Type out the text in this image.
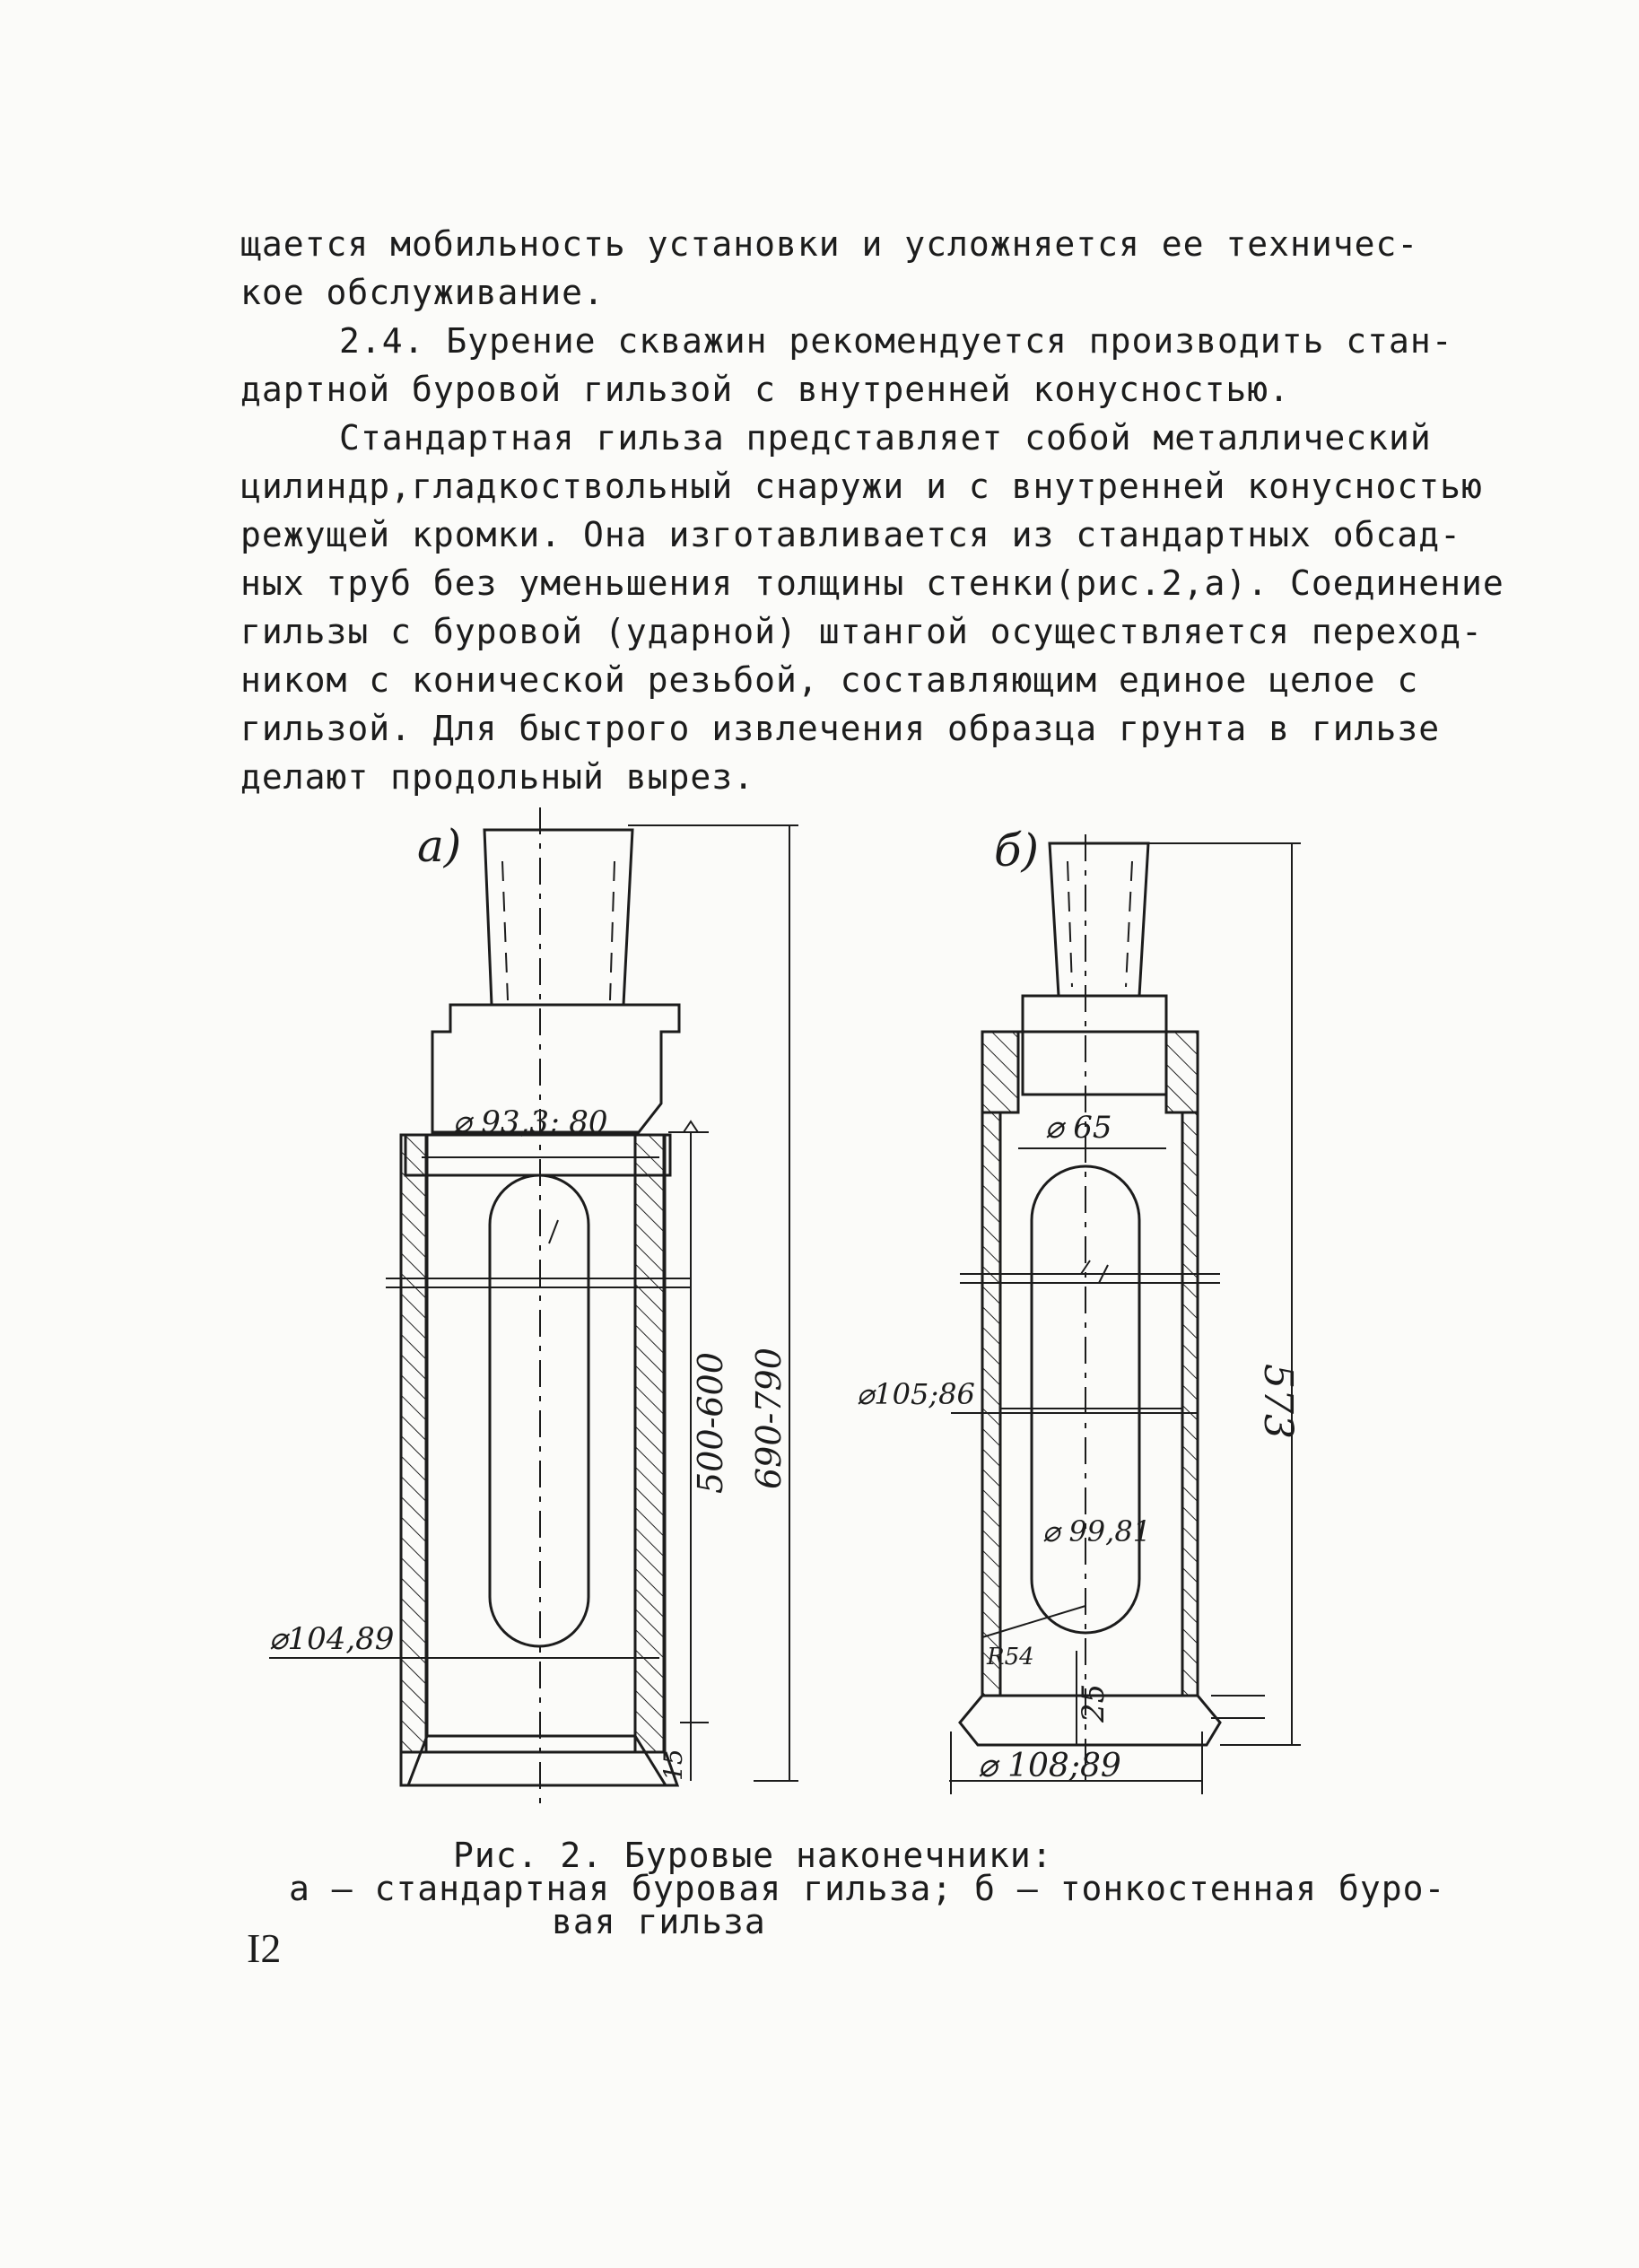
щается мобильность установки и усложняется ее техничес-
кое обслуживание.
2.4. Бурение скважин рекомендуется производить стан-
дартной буровой гильзой с внутренней конусностью.
Стандартная гильза представляет собой металлический
цилиндр,гладкоствольный снаружи и с внутренней конусностью
режущей кромки. Она изготавливается из стандартных обсад-
ных труб без уменьшения толщины стенки(рис.2,а). Соединение
гильзы с буровой (ударной) штангой осуществляется переход-
ником с конической резьбой, составляющим единое целое с
гильзой. Для быстрого извлечения образца грунта в гильзе
делают продольный вырез.
а)
⌀ 93,3; 80
⌀104,89
500-600 690-790
15
б)
⌀ 65
⌀105;86
⌀ 99,81
R54
25
⌀ 108;89
573
Рис. 2. Буровые наконечники:
а – стандартная буровая гильза; б – тонкостенная буро-
вая гильза
I2
